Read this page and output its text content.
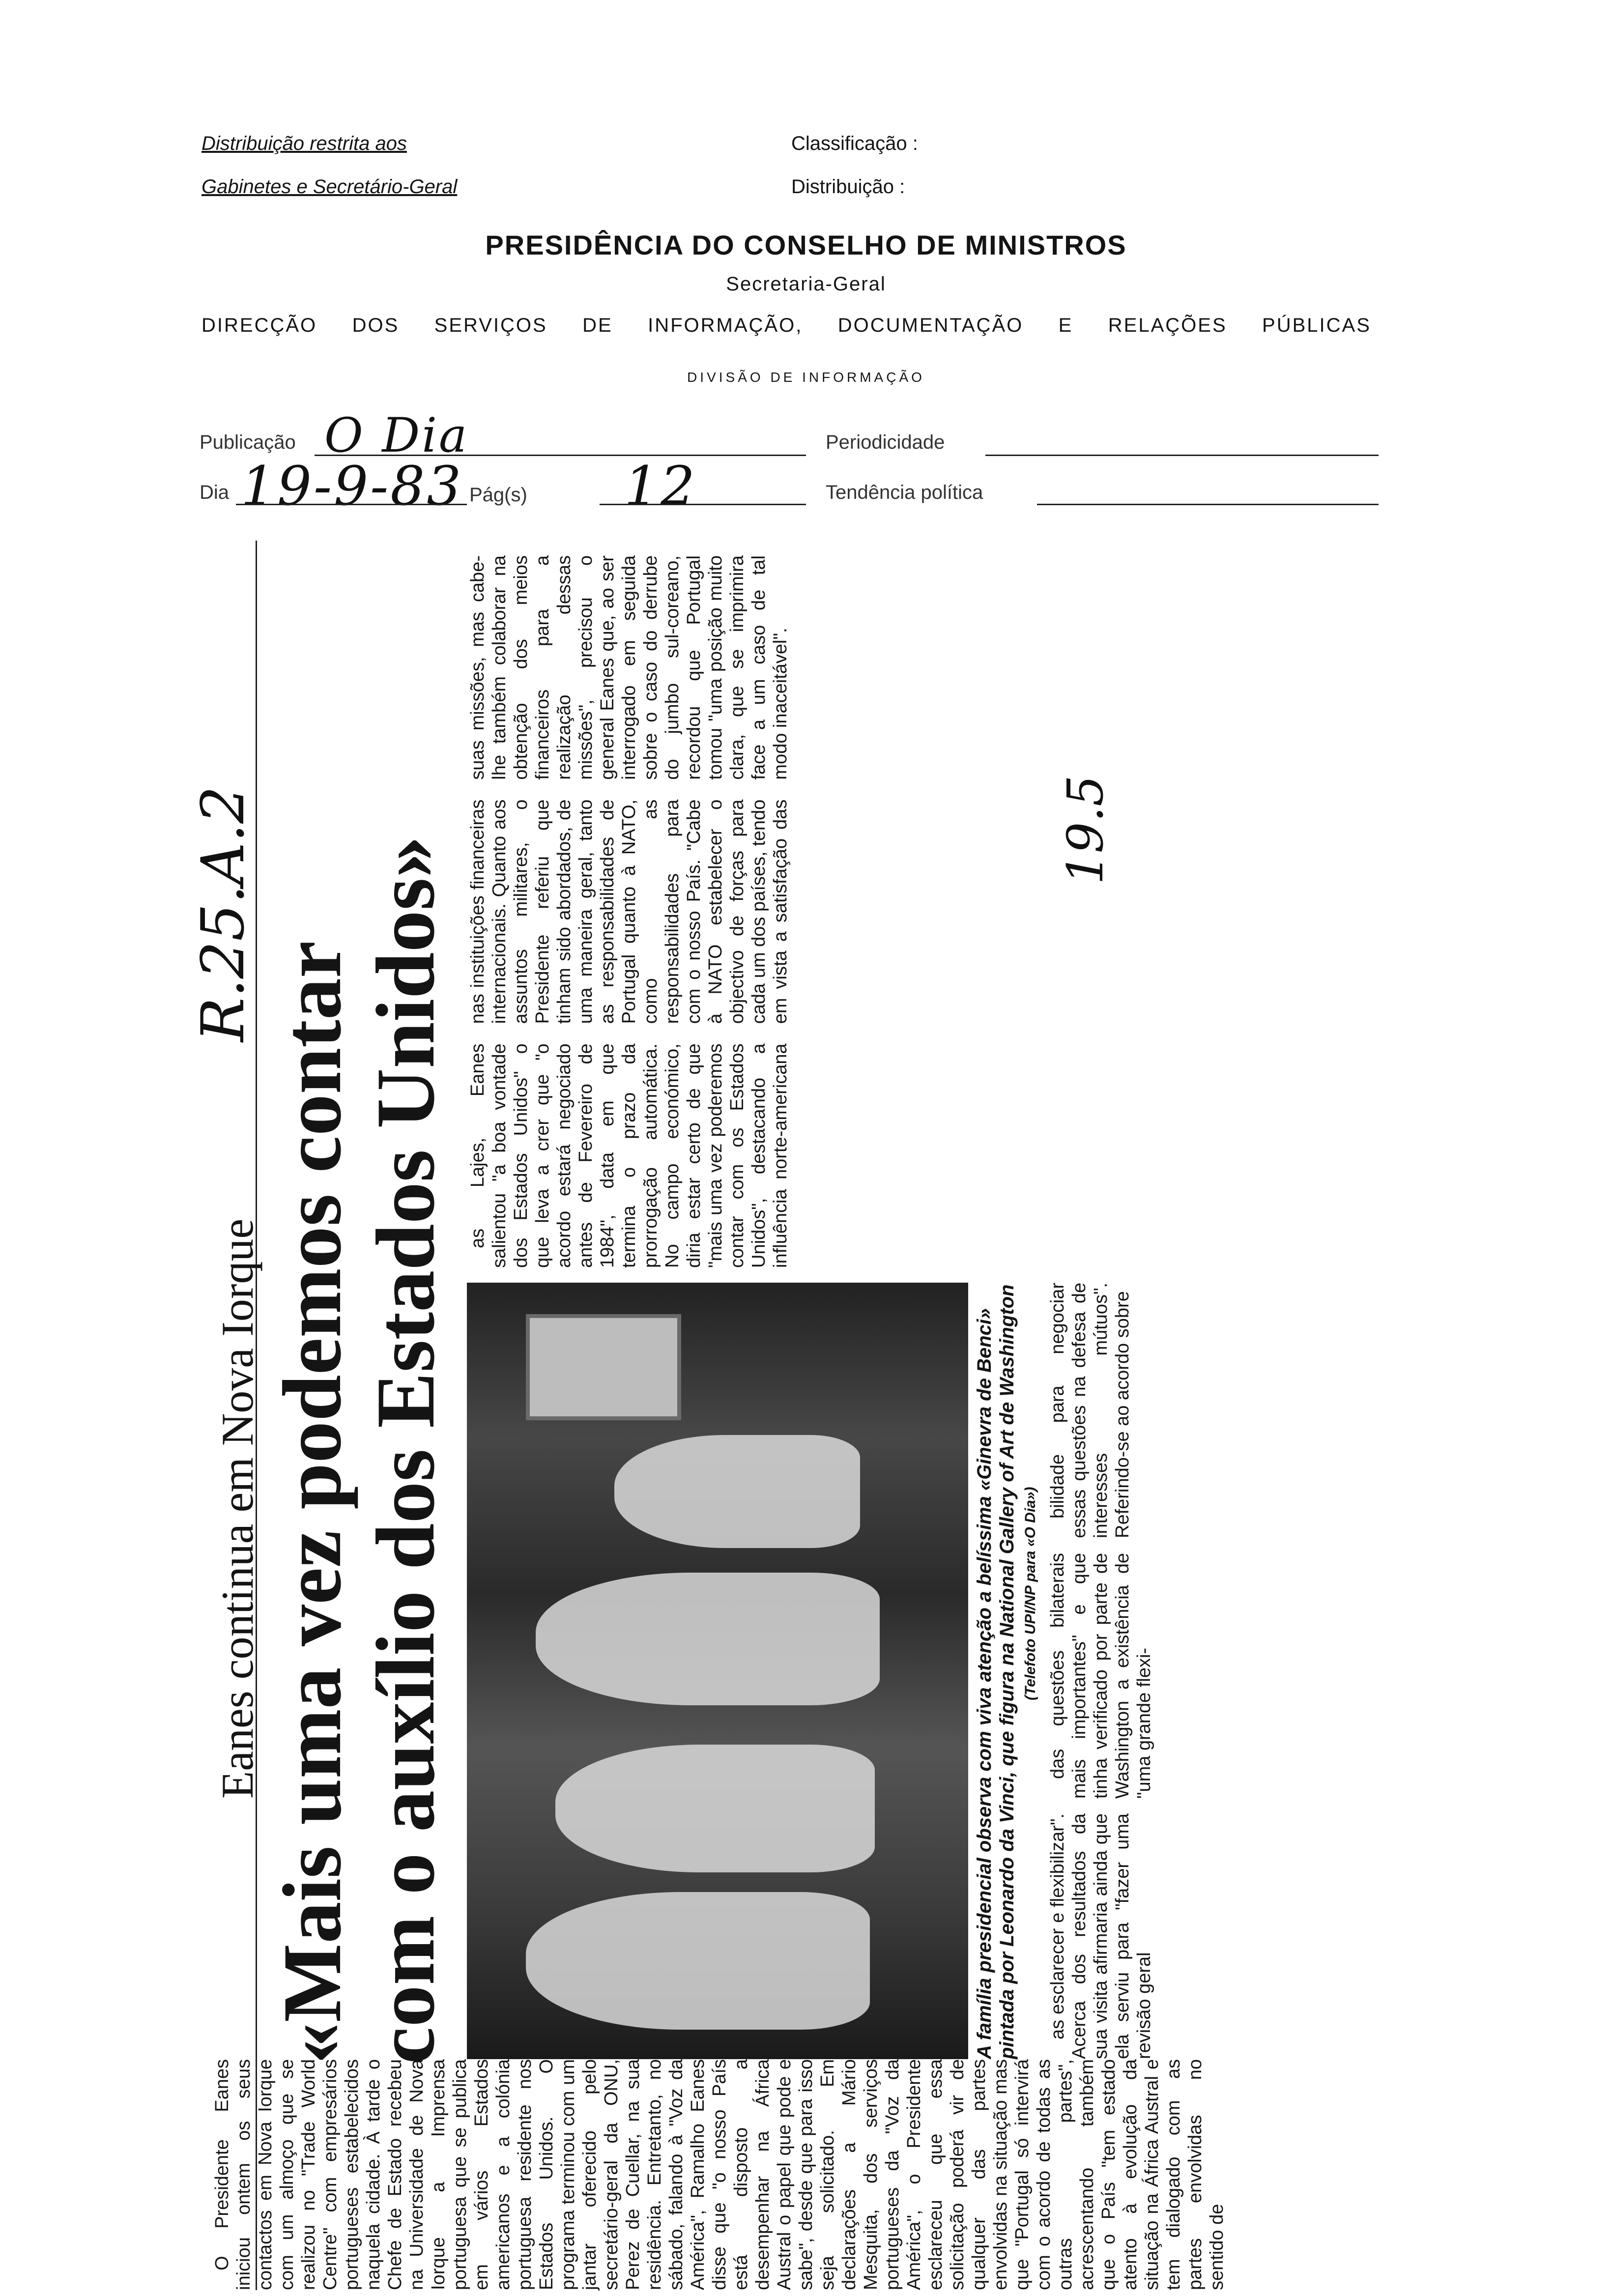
Distribuição restrita aos
Gabinetes e Secretário-Geral
Classificação :
Distribuição :
PRESIDÊNCIA DO CONSELHO DE MINISTROS
Secretaria-Geral
DIRECÇÃO DOS SERVIÇOS DE INFORMAÇÃO, DOCUMENTAÇÃO E RELAÇÕES PÚBLICAS
DIVISÃO DE INFORMAÇÃO
Publicação O Dia	Periodicidade
Dia 19-9-83 Pág(s) 12	Tendência política
R.25.A.2	19.5
Eanes continua em Nova Iorque «Mais uma vez podemos contar com o auxílio dos Estados Unidos»

O Presidente Eanes iniciou ontem os seus contactos em Nova Iorque com um almoço que se realizou no "Trade World Centre" com empresários portugueses estabelecidos naquela cidade. À tarde o Chefe de Estado recebeu na Universidade de Nova Iorque a Imprensa portuguesa que se publica em vários Estados americanos e a colónia portuguesa residente nos Estados Unidos. O programa terminou com um jantar oferecido pelo secretário-geral da ONU, Perez de Cuellar, na sua residência. Entretanto, no sábado, falando à "Voz da América", Ramalho Eanes disse que "o nosso País está disposto a desempenhar na África Austral o papel que pode e sabe", desde que para isso seja solicitado. Em declarações a Mário Mesquita, dos serviços portugueses da "Voz da América", o Presidente esclareceu que essa solicitação poderá vir de qualquer das partes envolvidas na situação mas que "Portugal só intervirá com o acordo de todas as outras partes", acrescentando também que o País "tem estado atento à evolução da situação na África Austral e tem dialogado com as partes envolvidas no sentido de

A família presidencial observa com viva atenção a belíssima «Ginevra de Benci» pintada por Leonardo da Vinci, que figura na National Gallery of Art de Washington (Telefoto UPI/NP para «O Dia»)

as esclarecer e flexibilizar". Acerca dos resultados da sua visita afirmaria ainda que ela serviu para "fazer uma revisão geral

das questões bilaterais mais importantes" e que tinha verificado por parte de Washington a existência de "uma grande flexi-

bilidade para negociar essas questões na defesa de interesses mútuos". Referindo-se ao acordo sobre

as Lajes, Eanes salientou "a boa vontade dos Estados Unidos" o que leva a crer que "o acordo estará negociado antes de Fevereiro de 1984", data em que termina o prazo da prorrogação automática. No campo económico, diria estar certo de que "mais uma vez poderemos contar com os Estados Unidos", destacando a influência norte-americana nas instituições financeiras internacionais. Quanto aos assuntos militares, o Presidente referiu que tinham sido abordados, de uma maneira geral, tanto as responsabilidades de Portugal quanto à NATO, como as responsabilidades para com o nosso País. "Cabe à NATO estabelecer o objectivo de forças para cada um dos países, tendo em vista a satisfação das suas missões, mas cabe-lhe também colaborar na obtenção dos meios financeiros para a realização dessas missões", precisou o general Eanes que, ao ser interrogado em seguida sobre o caso do derrube do jumbo sul-coreano, recordou que Portugal tomou "uma posição muito clara, que se imprimira face a um caso de tal modo inaceitável".
